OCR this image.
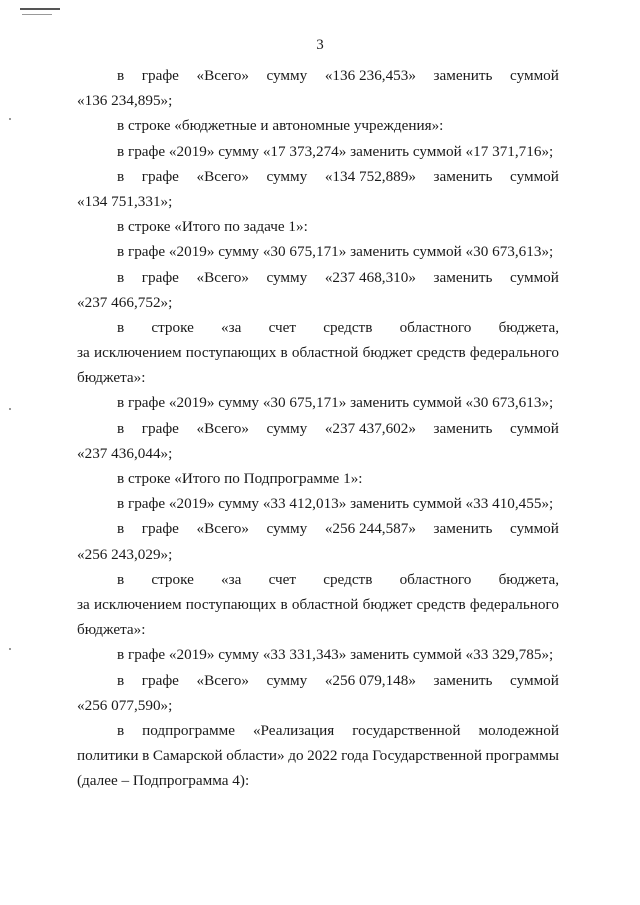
3
в графе «Всего» сумму «136 236,453» заменить суммой
«136 234,895»;
в строке «бюджетные и автономные учреждения»:
в графе «2019» сумму «17 373,274» заменить суммой «17 371,716»;
в графе «Всего» сумму «134 752,889» заменить суммой
«134 751,331»;
в строке «Итого по задаче 1»:
в графе «2019» сумму «30 675,171» заменить суммой «30 673,613»;
в графе «Всего» сумму «237 468,310» заменить суммой
«237 466,752»;
в строке «за счет средств областного бюджета,
за исключением поступающих в областной бюджет средств федерального
бюджета»:
в графе «2019» сумму «30 675,171» заменить суммой «30 673,613»;
в графе «Всего» сумму «237 437,602» заменить суммой
«237 436,044»;
в строке «Итого по Подпрограмме 1»:
в графе «2019» сумму «33 412,013» заменить суммой «33 410,455»;
в графе «Всего» сумму «256 244,587» заменить суммой
«256 243,029»;
в строке «за счет средств областного бюджета,
за исключением поступающих в областной бюджет средств федерального
бюджета»:
в графе «2019» сумму «33 331,343» заменить суммой «33 329,785»;
в графе «Всего» сумму «256 079,148» заменить суммой
«256 077,590»;
в подпрограмме «Реализация государственной молодежной
политики в Самарской области» до 2022 года Государственной программы
(далее – Подпрограмма 4):
